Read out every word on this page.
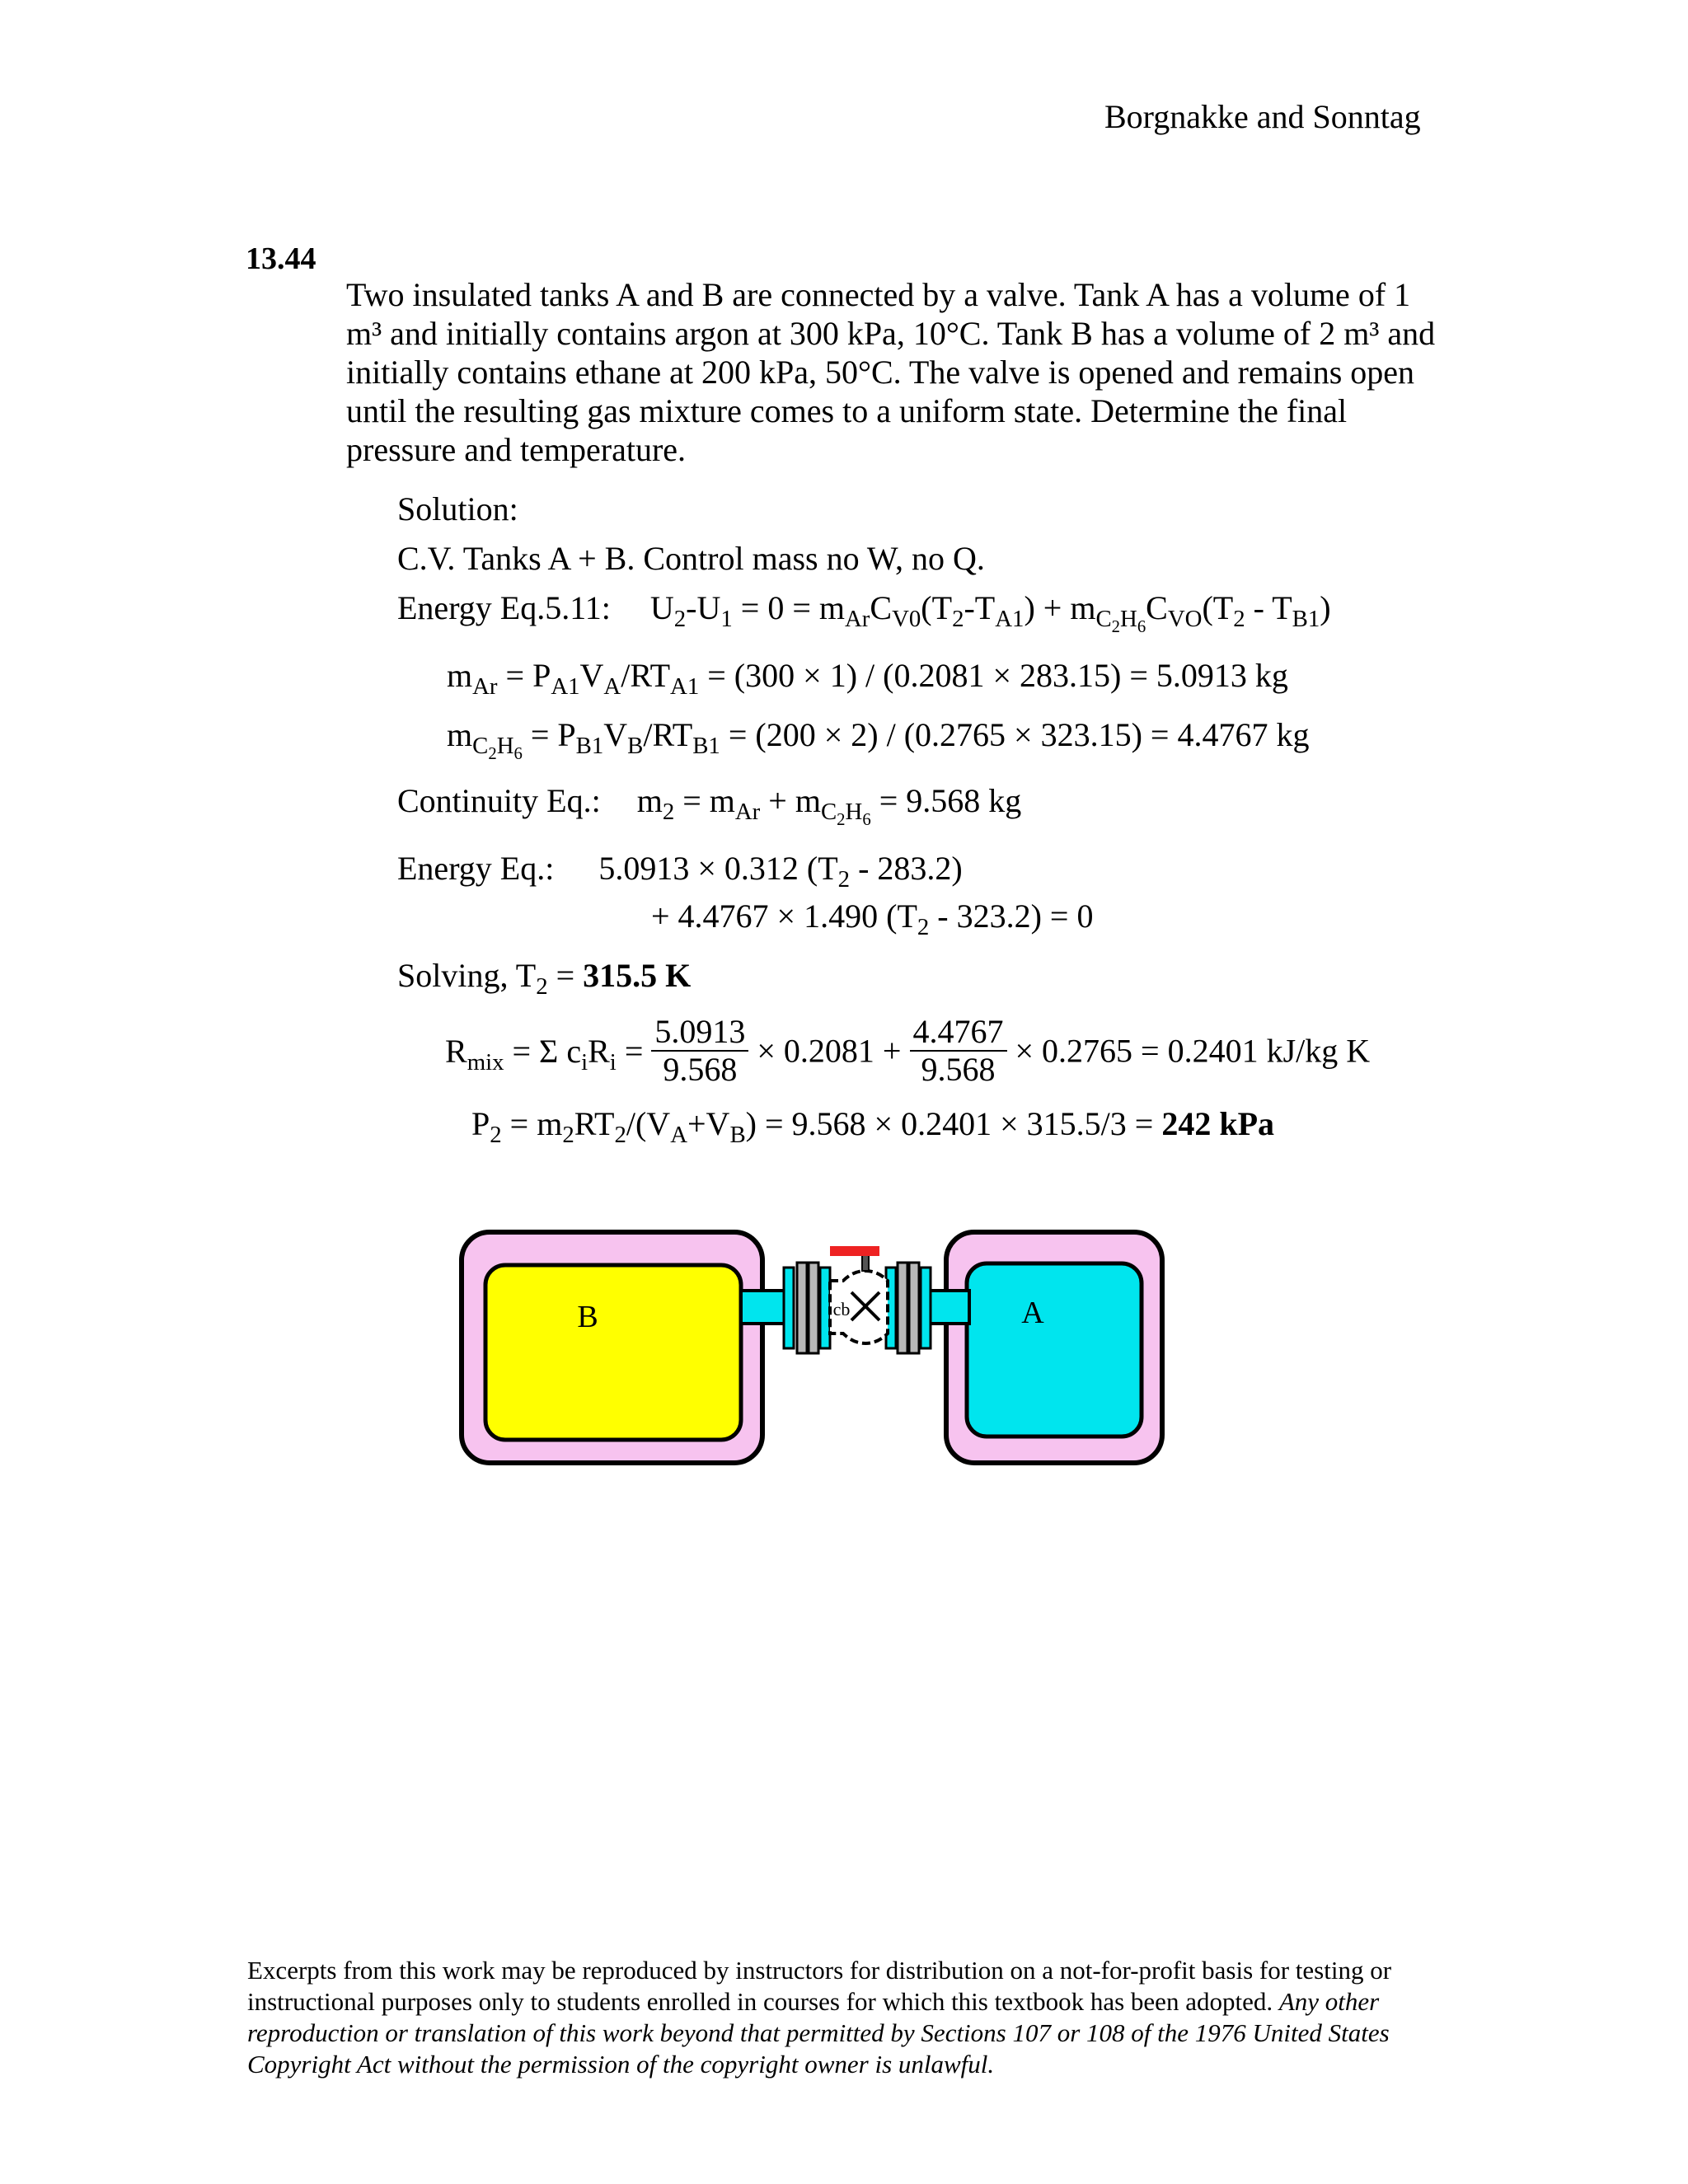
Borgnakke and Sonntag
13.44
Two insulated tanks A and B are connected by a valve. Tank A has a volume of 1 m³ and initially contains argon at 300 kPa, 10°C. Tank B has a volume of 2 m³ and initially contains ethane at 200 kPa, 50°C. The valve is opened and remains open until the resulting gas mixture comes to a uniform state. Determine the final pressure and temperature.
Solution:
C.V. Tanks A + B. Control mass no W, no Q.
Energy Eq.5.11: $U_2-U_1 = 0 = m_{Ar}C_{V0}(T_2-T_{A1}) + m_{C_2H_6}C_{VO}(T_2 - T_{B1})$
$m_{Ar} = P_{A1}V_A/RT_{A1} = (300 \times 1) / (0.2081 \times 283.15) = 5.0913$ kg
$m_{C_2H_6} = P_{B1}V_B/RT_{B1} = (200 \times 2) / (0.2765 \times 323.15) = 4.4767$ kg
Continuity Eq.: $m_2 = m_{Ar} + m_{C_2H_6} = 9.568$ kg
Energy Eq.: 5.0913 × 0.312 $(T_2 - 283.2)$
+ 4.4767 × 1.490 $(T_2 - 323.2) = 0$
Solving, $T_2 = 315.5$ K
$R_{mix} = \Sigma$ $c_iR_i = \frac{5.0913}{9.568} \times 0.2081 + \frac{4.4767}{9.568} \times 0.2765 = 0.2401$ kJ/kg K
$P_2 = m_2RT_2/(V_A+V_B) = 9.568 \times 0.2401 \times 315.5/3 = 242$ kPa
B	A
cb
Excerpts from this work may be reproduced by instructors for distribution on a not-for-profit basis for testing or instructional purposes only to students enrolled in courses for which this textbook has been adopted. Any other reproduction or translation of this work beyond that permitted by Sections 107 or 108 of the 1976 United States Copyright Act without the permission of the copyright owner is unlawful.
